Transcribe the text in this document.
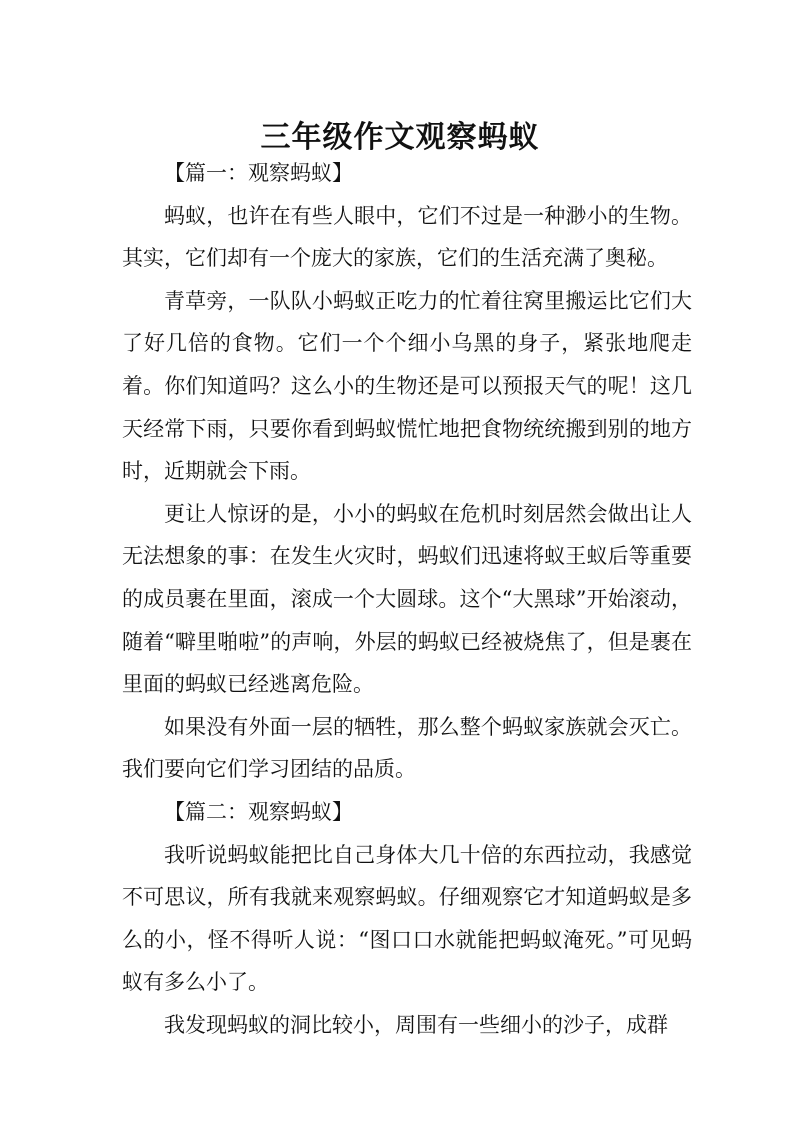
三年级作文观察蚂蚁

【篇一：观察蚂蚁】

蚂蚁，也许在有些人眼中，它们不过是一种渺小的生物。其实，它们却有一个庞大的家族，它们的生活充满了奥秘。

青草旁，一队队小蚂蚁正吃力的忙着往窝里搬运比它们大了好几倍的食物。它们一个个细小乌黑的身子，紧张地爬走着。你们知道吗？这么小的生物还是可以预报天气的呢！这几天经常下雨，只要你看到蚂蚁慌忙地把食物统统搬到别的地方时，近期就会下雨。

更让人惊讶的是，小小的蚂蚁在危机时刻居然会做出让人无法想象的事：在发生火灾时，蚂蚁们迅速将蚁王蚁后等重要的成员裹在里面，滚成一个大圆球。这个“大黑球”开始滚动，随着“噼里啪啦”的声响，外层的蚂蚁已经被烧焦了，但是裹在里面的蚂蚁已经逃离危险。

如果没有外面一层的牺牲，那么整个蚂蚁家族就会灭亡。我们要向它们学习团结的品质。

【篇二：观察蚂蚁】

我听说蚂蚁能把比自己身体大几十倍的东西拉动，我感觉不可思议，所有我就来观察蚂蚁。仔细观察它才知道蚂蚁是多么的小，怪不得听人说：“图口口水就能把蚂蚁淹死。”可见蚂蚁有多么小了。

我发现蚂蚁的洞比较小，周围有一些细小的沙子，成群
